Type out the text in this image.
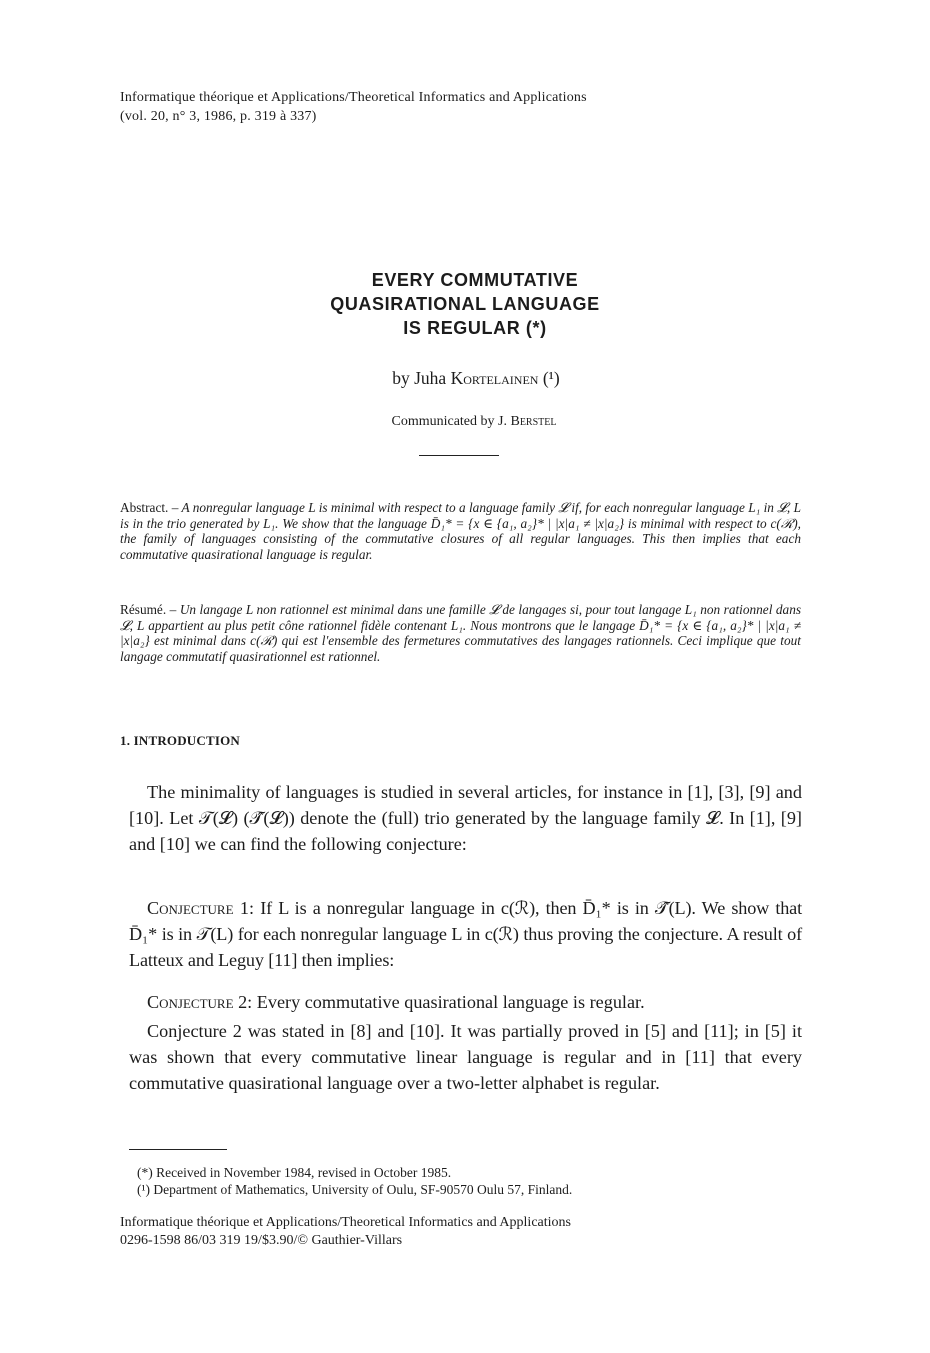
Informatique théorique et Applications/Theoretical Informatics and Applications
(vol. 20, n° 3, 1986, p. 319 à 337)
EVERY COMMUTATIVE
QUASIRATIONAL LANGUAGE
IS REGULAR (*)
by Juha Kortelainen (¹)
Communicated by J. Berstel
Abstract. – A nonregular language L is minimal with respect to a language family 𝓛 if, for each nonregular language L₁ in 𝓛, L is in the trio generated by L₁. We show that the language D̄₁* = {x ∈ {a₁, a₂}* | |x|a₁ ≠ |x|a₂} is minimal with respect to c(ℛ), the family of languages consisting of the commutative closures of all regular languages. This then implies that each commutative quasirational language is regular.
Résumé. – Un langage L non rationnel est minimal dans une famille 𝓛 de langages si, pour tout langage L₁ non rationnel dans 𝓛, L appartient au plus petit cône rationnel fidèle contenant L₁. Nous montrons que le langage D̄₁* = {x ∈ {a₁, a₂}* | |x|a₁ ≠ |x|a₂} est minimal dans c(ℛ) qui est l'ensemble des fermetures commutatives des langages rationnels. Ceci implique que tout langage commutatif quasirationnel est rationnel.
1. INTRODUCTION
The minimality of languages is studied in several articles, for instance in [1], [3], [9] and [10]. Let 𝒯(𝓛) (𝒯̂(𝓛)) denote the (full) trio generated by the language family 𝓛. In [1], [9] and [10] we can find the following conjecture:
Conjecture 1: If L is a nonregular language in c(ℛ), then D̄₁* is in 𝒯̂(L). We show that D̄₁* is in 𝒯(L) for each nonregular language L in c(ℛ) thus proving the conjecture. A result of Latteux and Leguy [11] then implies:
Conjecture 2: Every commutative quasirational language is regular.
Conjecture 2 was stated in [8] and [10]. It was partially proved in [5] and [11]; in [5] it was shown that every commutative linear language is regular and in [11] that every commutative quasirational language over a two-letter alphabet is regular.
(*) Received in November 1984, revised in October 1985.
(¹) Department of Mathematics, University of Oulu, SF-90570 Oulu 57, Finland.
Informatique théorique et Applications/Theoretical Informatics and Applications
0296-1598 86/03 319 19/$3.90/© Gauthier-Villars
